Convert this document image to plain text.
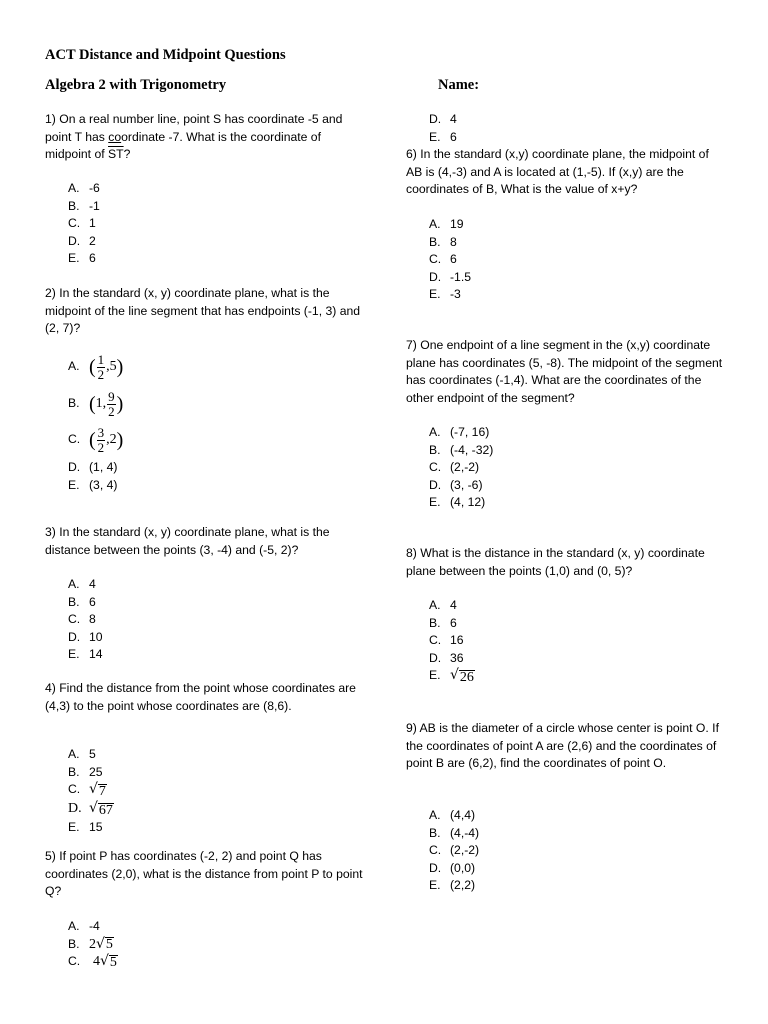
ACT Distance and Midpoint Questions
Algebra 2 with Trigonometry	Name:
1) On a real number line, point S has coordinate -5 and point T has coordinate -7. What is the coordinate of midpoint of $\overline{ST}$?
A. -6
B. -1
C. 1
D. 2
E. 6
2) In the standard (x, y) coordinate plane, what is the midpoint of the line segment that has endpoints (-1, 3) and (2, 7)?
A. ( $\frac{1}{2}$ , 5 )
B. ( 1 , $\frac{9}{2}$ )
C. ( $\frac{3}{2}$ , 2 )
D. (1, 4)
E. (3, 4)
3) In the standard (x, y) coordinate plane, what is the distance between the points (3, -4) and (-5, 2)?
A. 4
B. 6
C. 8
D. 10
E. 14
4) Find the distance from the point whose coordinates are (4,3) to the point whose coordinates are (8,6).
A. 5
B. 25
C. √ 7
D. √ 67
E. 15
5) If point P has coordinates (-2, 2) and point Q has coordinates (2,0), what is the distance from point P to point Q?
A. -4
B. 2 √ 5
C. 4 √ 5
D. 4
E. 6
6) In the standard (x,y) coordinate plane, the midpoint of AB is (4,-3) and A is located at (1,-5). If (x,y) are the coordinates of B, What is the value of x+y?
A. 19
B. 8
C. 6
D. -1.5
E. -3
7) One endpoint of a line segment in the (x,y) coordinate plane has coordinates (5, -8). The midpoint of the segment has coordinates (-1,4). What are the coordinates of the other endpoint of the segment?
A. (-7, 16)
B. (-4, -32)
C. (2,-2)
D. (3, -6)
E. (4, 12)
8) What is the distance in the standard (x, y) coordinate plane between the points (1,0) and (0, 5)?
A. 4
B. 6
C. 16
D. 36
E. √ 26
9) AB is the diameter of a circle whose center is point O. If the coordinates of point A are (2,6) and the coordinates of point B are (6,2), find the coordinates of point O.
A. (4,4)
B. (4,-4)
C. (2,-2)
D. (0,0)
E. (2,2)
